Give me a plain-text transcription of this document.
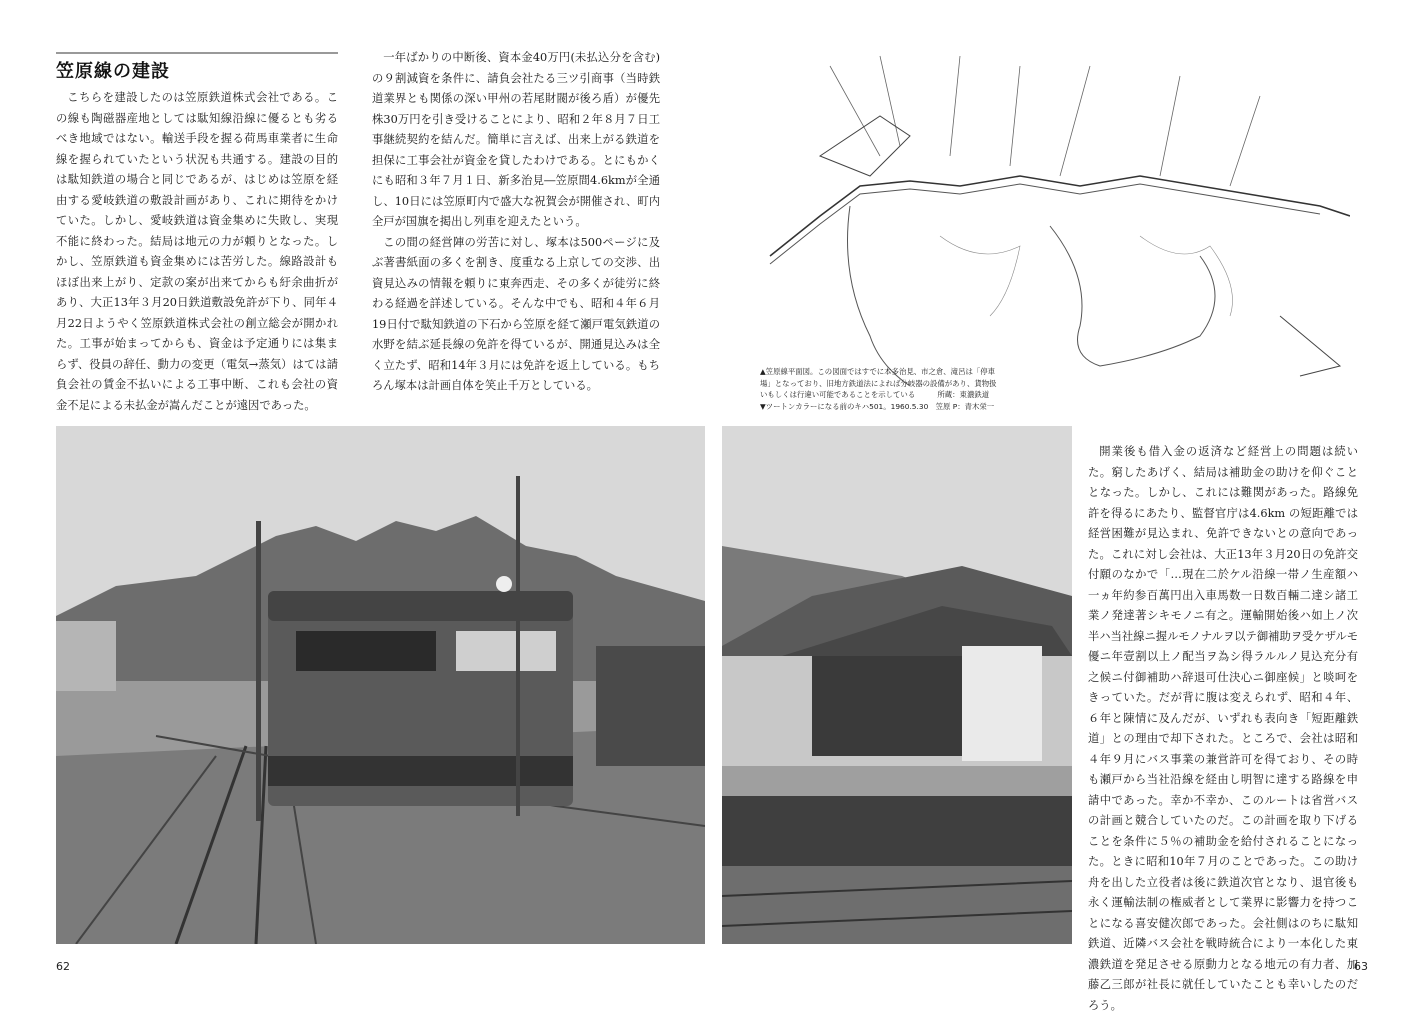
笠原線の建設

こちらを建設したのは笠原鉄道株式会社である。この線も陶磁器産地としては駄知線沿線に優るとも劣るべき地域ではない。輸送手段を握る荷馬車業者に生命線を握られていたという状況も共通する。建設の目的は駄知鉄道の場合と同じであるが、はじめは笠原を経由する愛岐鉄道の敷設計画があり、これに期待をかけていた。しかし、愛岐鉄道は資金集めに失敗し、実現不能に終わった。結局は地元の力が頼りとなった。しかし、笠原鉄道も資金集めには苦労した。線路設計もほぼ出来上がり、定款の案が出来てからも紆余曲折があり、大正13年３月20日鉄道敷設免許が下り、同年４月22日ようやく笠原鉄道株式会社の創立総会が開かれた。工事が始まってからも、資金は予定通りには集まらず、役員の辞任、動力の変更（電気→蒸気）はては請負会社の賃金不払いによる工事中断、これも会社の資金不足による未払金が嵩んだことが遠因であった。

一年ばかりの中断後、資本金40万円(未払込分を含む)の９割減資を条件に、請負会社たる三ツ引商事（当時鉄道業界とも関係の深い甲州の若尾財閥が後ろ盾）が優先株30万円を引き受けることにより、昭和２年８月７日工事継続契約を結んだ。簡単に言えば、出来上がる鉄道を担保に工事会社が資金を貸したわけである。とにもかくにも昭和３年７月１日、新多治見―笠原間4.6kmが全通し、10日には笠原町内で盛大な祝賀会が開催され、町内全戸が国旗を掲出し列車を迎えたという。

この間の経営陣の労苦に対し、塚本は500ページに及ぶ著書紙面の多くを割き、度重なる上京しての交渉、出資見込みの情報を頼りに東奔西走、その多くが徒労に終わる経過を詳述している。そんな中でも、昭和４年６月19日付で駄知鉄道の下石から笠原を経て瀬戸電気鉄道の水野を結ぶ延長線の免許を得ているが、開通見込みは全く立たず、昭和14年３月には免許を返上している。もちろん塚本は計画自体を笑止千万としている。

▲笠原線平面図。この図面ではすでに本多治見、市之倉、滝呂は「停車
場」となっており、旧地方鉄道法によれば分岐器の設備があり、貨物扱
いもしくは行違い可能であることを示している　　　所蔵：東濃鉄道
▼ツートンカラーになる前のキハ501。1960.5.30　笠原 P：青木栄一

開業後も借入金の返済など経営上の問題は続いた。窮したあげく、結局は補助金の助けを仰ぐこととなった。しかし、これには難関があった。路線免許を得るにあたり、監督官庁は4.6km の短距離では経営困難が見込まれ、免許できないとの意向であった。これに対し会社は、大正13年３月20日の免許交付願のなかで「…現在二於ケル沿線一帯ノ生産額ハ一ヵ年約参百萬円出入車馬数一日数百輛二達シ諸工業ノ発達著シキモノニ有之。運輸開始後ハ如上ノ次半ハ当社線ニ握ルモノナルヲ以テ御補助ヲ受ケザルモ優ニ年壹割以上ノ配当ヲ為シ得ラルルノ見込充分有之候ニ付御補助ハ辞退可仕決心ニ御座候」と啖呵をきっていた。だが背に腹は変えられず、昭和４年、６年と陳情に及んだが、いずれも表向き「短距離鉄道」との理由で却下された。ところで、会社は昭和４年９月にバス事業の兼営許可を得ており、その時も瀬戸から当社沿線を経由し明智に達する路線を申請中であった。幸か不幸か、このルートは省営バスの計画と競合していたのだ。この計画を取り下げることを条件に５％の補助金を給付されることになった。ときに昭和10年７月のことであった。この助け舟を出した立役者は後に鉄道次官となり、退官後も永く運輸法制の権威者として業界に影響力を持つことになる喜安健次郎であった。会社側はのちに駄知鉄道、近隣バス会社を戦時統合により一本化した東濃鉄道を発足させる原動力となる地元の有力者、加藤乙三郎が社長に就任していたことも幸いしたのだろう。

62	63
